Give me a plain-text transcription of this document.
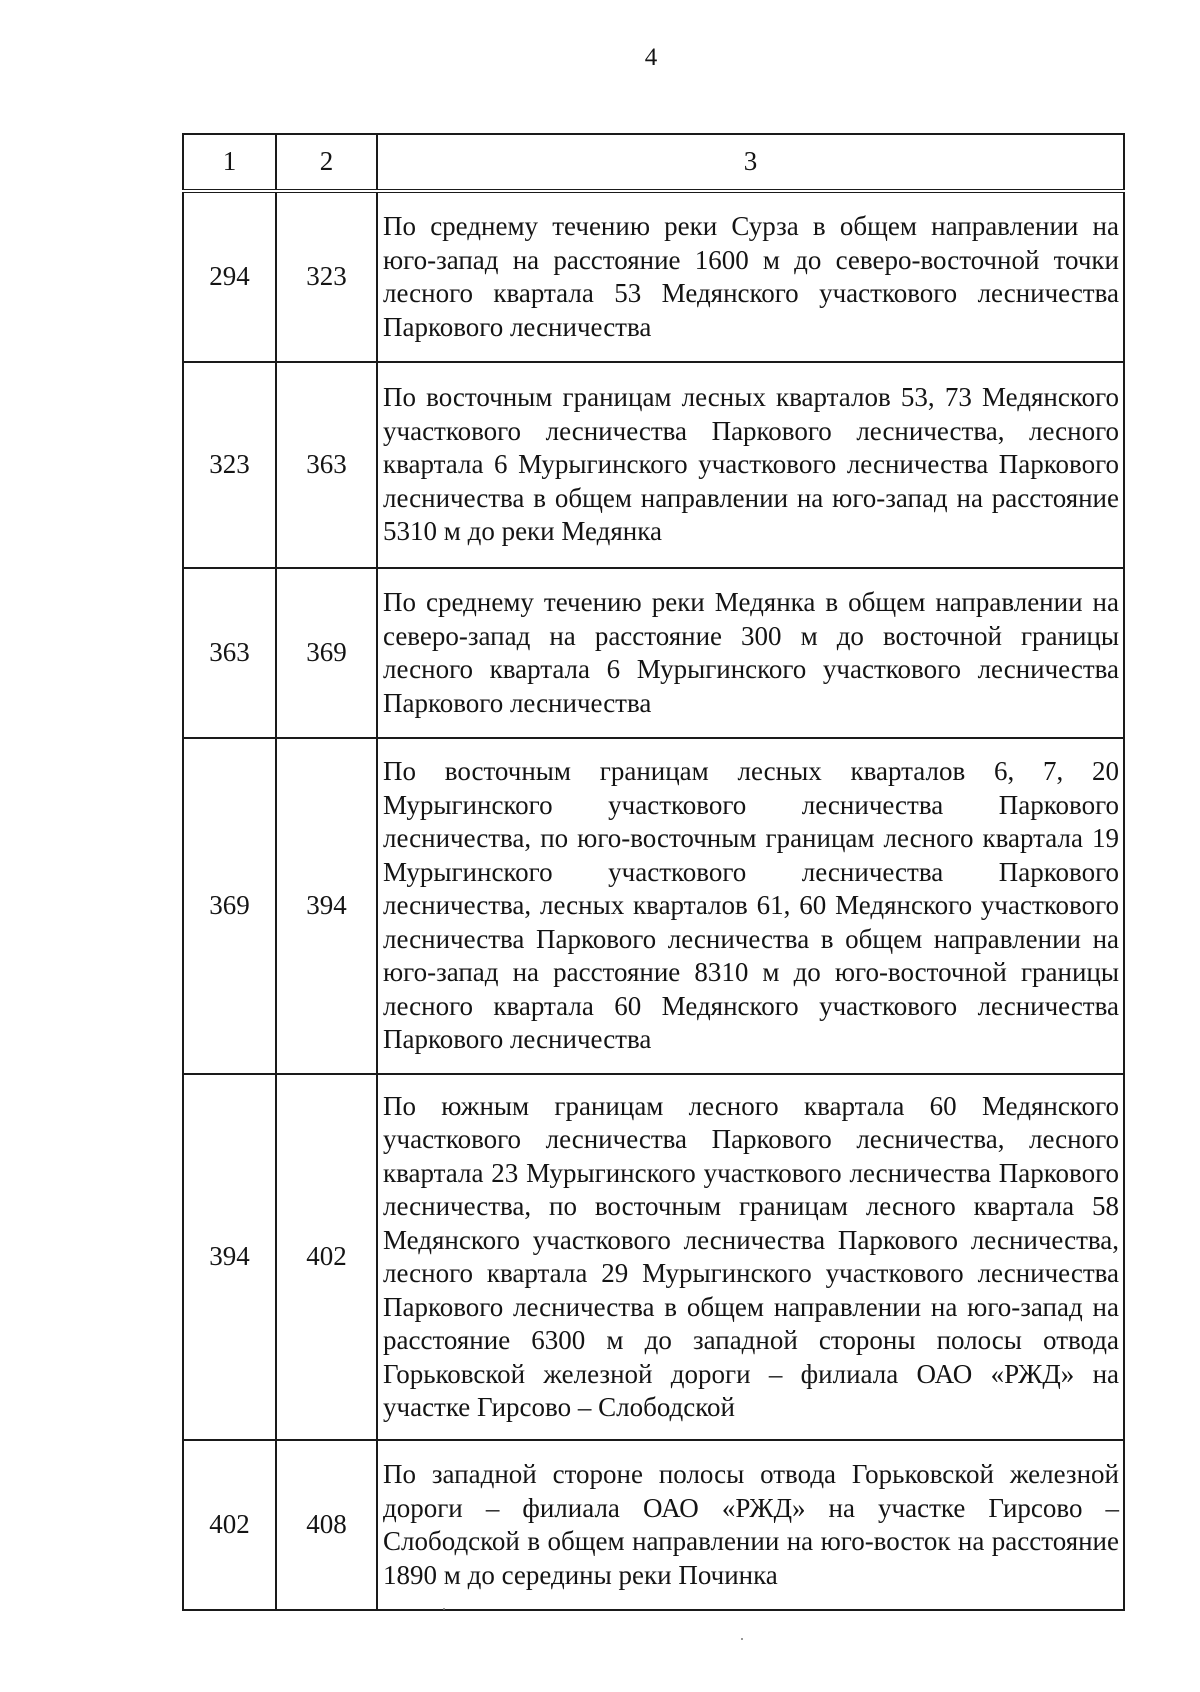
4
1	2	3
294	323	По среднему течению реки Сурза в общем направлении на юго-запад на расстояние 1600 м до северо-восточной точки лесного квартала 53 Медянского участкового лесничества Паркового лесничества
323	363	По восточным границам лесных кварталов 53, 73 Медянского участкового лесничества Паркового лесничества, лесного квартала 6 Мурыгинского участкового лесничества Паркового лесничества в общем направлении на юго-запад на расстояние 5310 м до реки Медянка
363	369	По среднему течению реки Медянка в общем направлении на северо-запад на расстояние 300 м до восточной границы лесного квартала 6 Мурыгинского участкового лесничества Паркового лесничества
369	394	По восточным границам лесных кварталов 6, 7, 20 Мурыгинского участкового лесничества Паркового лесничества, по юго-восточным границам лесного квартала 19 Мурыгинского участкового лесничества Паркового лесничества, лесных кварталов 61, 60 Медянского участкового лесничества Паркового лесничества в общем направлении на юго-запад на расстояние 8310 м до юго-восточной границы лесного квартала 60 Медянского участкового лесничества Паркового лесничества
394	402	По южным границам лесного квартала 60 Медянского участкового лесничества Паркового лесничества, лесного квартала 23 Мурыгинского участкового лесничества Паркового лесничества, по восточным границам лесного квартала 58 Медянского участкового лесничества Паркового лесничества, лесного квартала 29 Мурыгинского участкового лесничества Паркового лесничества в общем направлении на юго-запад на расстояние 6300 м до западной стороны полосы отвода Горьковской железной дороги – филиала ОАО «РЖД» на участке Гирсово – Слободской
402	408	По западной стороне полосы отвода Горьковской железной дороги – филиала ОАО «РЖД» на участке Гирсово – Слободской в общем направлении на юго-восток на расстояние 1890 м до середины реки Починка
